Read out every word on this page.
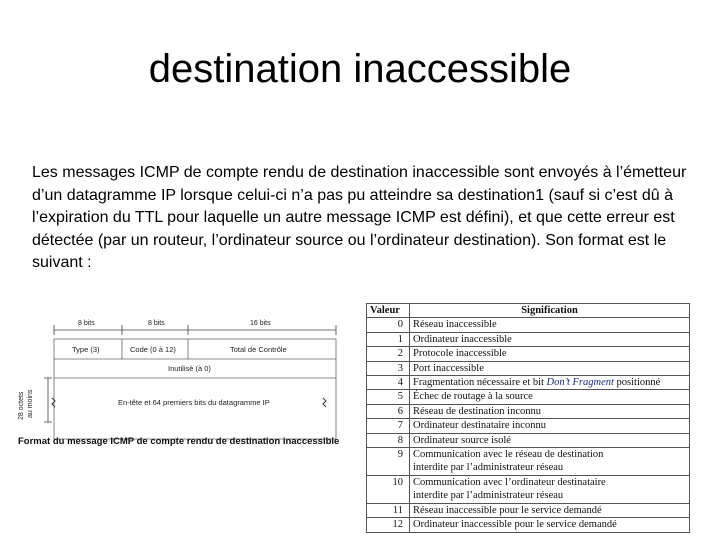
destination inaccessible
Les messages ICMP de compte rendu de destination inaccessible sont envoyés à l’émetteur d’un datagramme IP lorsque celui-ci n’a pas pu atteindre sa destination1 (sauf si c’est dû à l’expiration du TTL pour laquelle un autre message ICMP est défini), et que cette erreur est détectée (par un routeur, l’ordinateur source ou l’ordinateur destination). Son format est le suivant :
8 bits	8 bits	16 bits
Type (3)	Code (0 à 12)	Total de Contrôle
Inutilisé (à 0)
En-tête et 64 premiers bits du datagramme IP
28 octets au moins
Format du message ICMP de compte rendu de destination inaccessible
Valeur	Signification
0	Réseau inaccessible
1	Ordinateur inaccessible
2	Protocole inaccessible
3	Port inaccessible
4	Fragmentation nécessaire et bit Don’t Fragment positionné
5	Échec de routage à la source
6	Réseau de destination inconnu
7	Ordinateur destinataire inconnu
8	Ordinateur source isolé
9	Communication avec le réseau de destination
interdite par l’administrateur réseau

10	Communication avec l’ordinateur destinataire
interdite par l’administrateur réseau

11	Réseau inaccessible pour le service demandé
12	Ordinateur inaccessible pour le service demandé
